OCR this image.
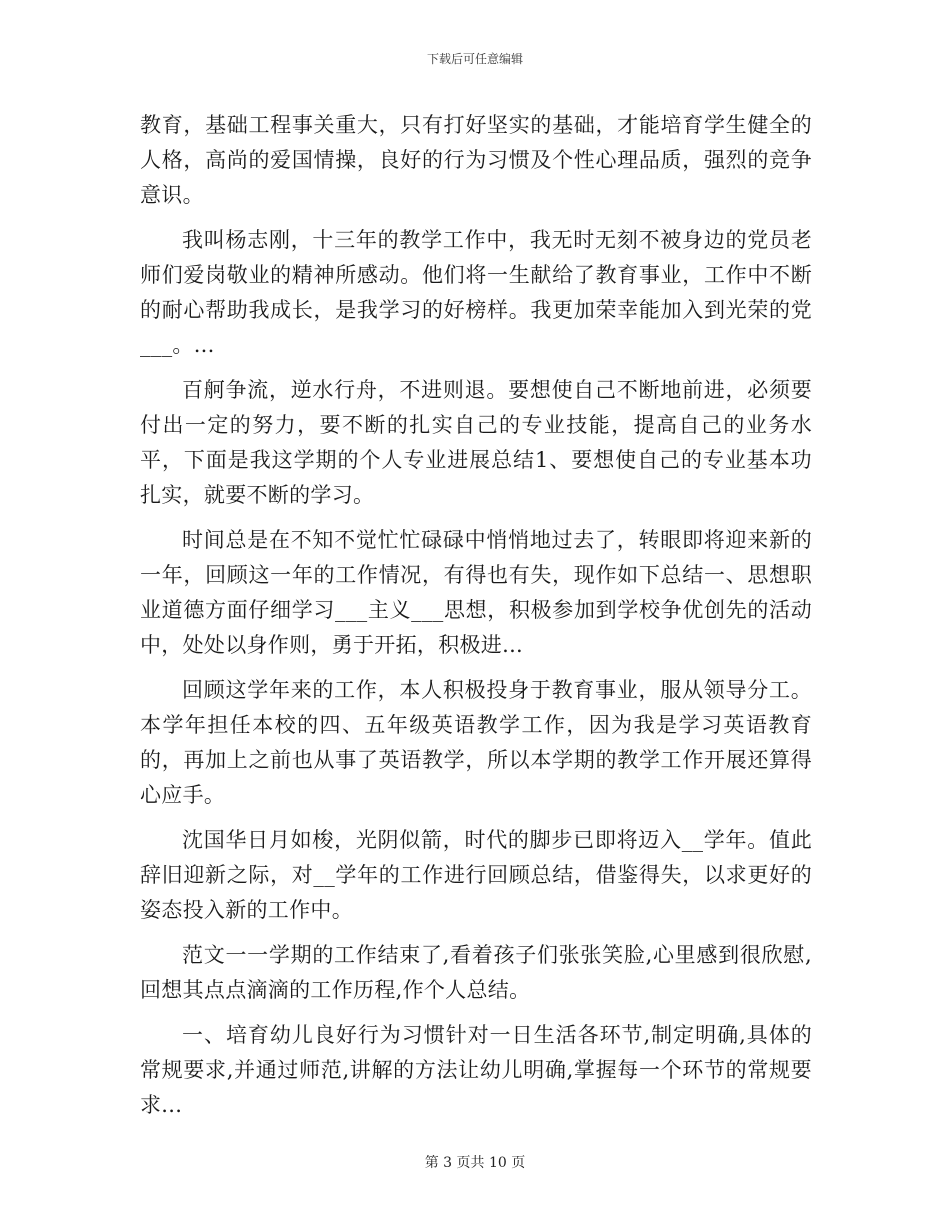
下载后可任意编辑

教育，基础工程事关重大，只有打好坚实的基础，才能培育学生健全的人格，高尚的爱国情操，良好的行为习惯及个性心理品质，强烈的竞争意识。

我叫杨志刚，十三年的教学工作中，我无时无刻不被身边的党员老师们爱岗敬业的精神所感动。他们将一生献给了教育事业，工作中不断的耐心帮助我成长，是我学习的好榜样。我更加荣幸能加入到光荣的党___。...

百舸争流，逆水行舟，不进则退。要想使自己不断地前进，必须要付出一定的努力，要不断的扎实自己的专业技能，提高自己的业务水平，下面是我这学期的个人专业进展总结1、要想使自己的专业基本功扎实，就要不断的学习。

时间总是在不知不觉忙忙碌碌中悄悄地过去了，转眼即将迎来新的一年，回顾这一年的工作情况，有得也有失，现作如下总结一、思想职业道德方面仔细学习___主义___思想，积极参加到学校争优创先的活动中，处处以身作则，勇于开拓，积极进...

回顾这学年来的工作，本人积极投身于教育事业，服从领导分工。本学年担任本校的四、五年级英语教学工作，因为我是学习英语教育的，再加上之前也从事了英语教学，所以本学期的教学工作开展还算得心应手。

沈国华日月如梭，光阴似箭，时代的脚步已即将迈入__学年。值此辞旧迎新之际，对__学年的工作进行回顾总结，借鉴得失，以求更好的姿态投入新的工作中。

范文一一学期的工作结束了,看着孩子们张张笑脸,心里感到很欣慰,回想其点点滴滴的工作历程,作个人总结。

一、培育幼儿良好行为习惯针对一日生活各环节,制定明确,具体的常规要求,并通过师范,讲解的方法让幼儿明确,掌握每一个环节的常规要求...

第 3 页共 10 页
